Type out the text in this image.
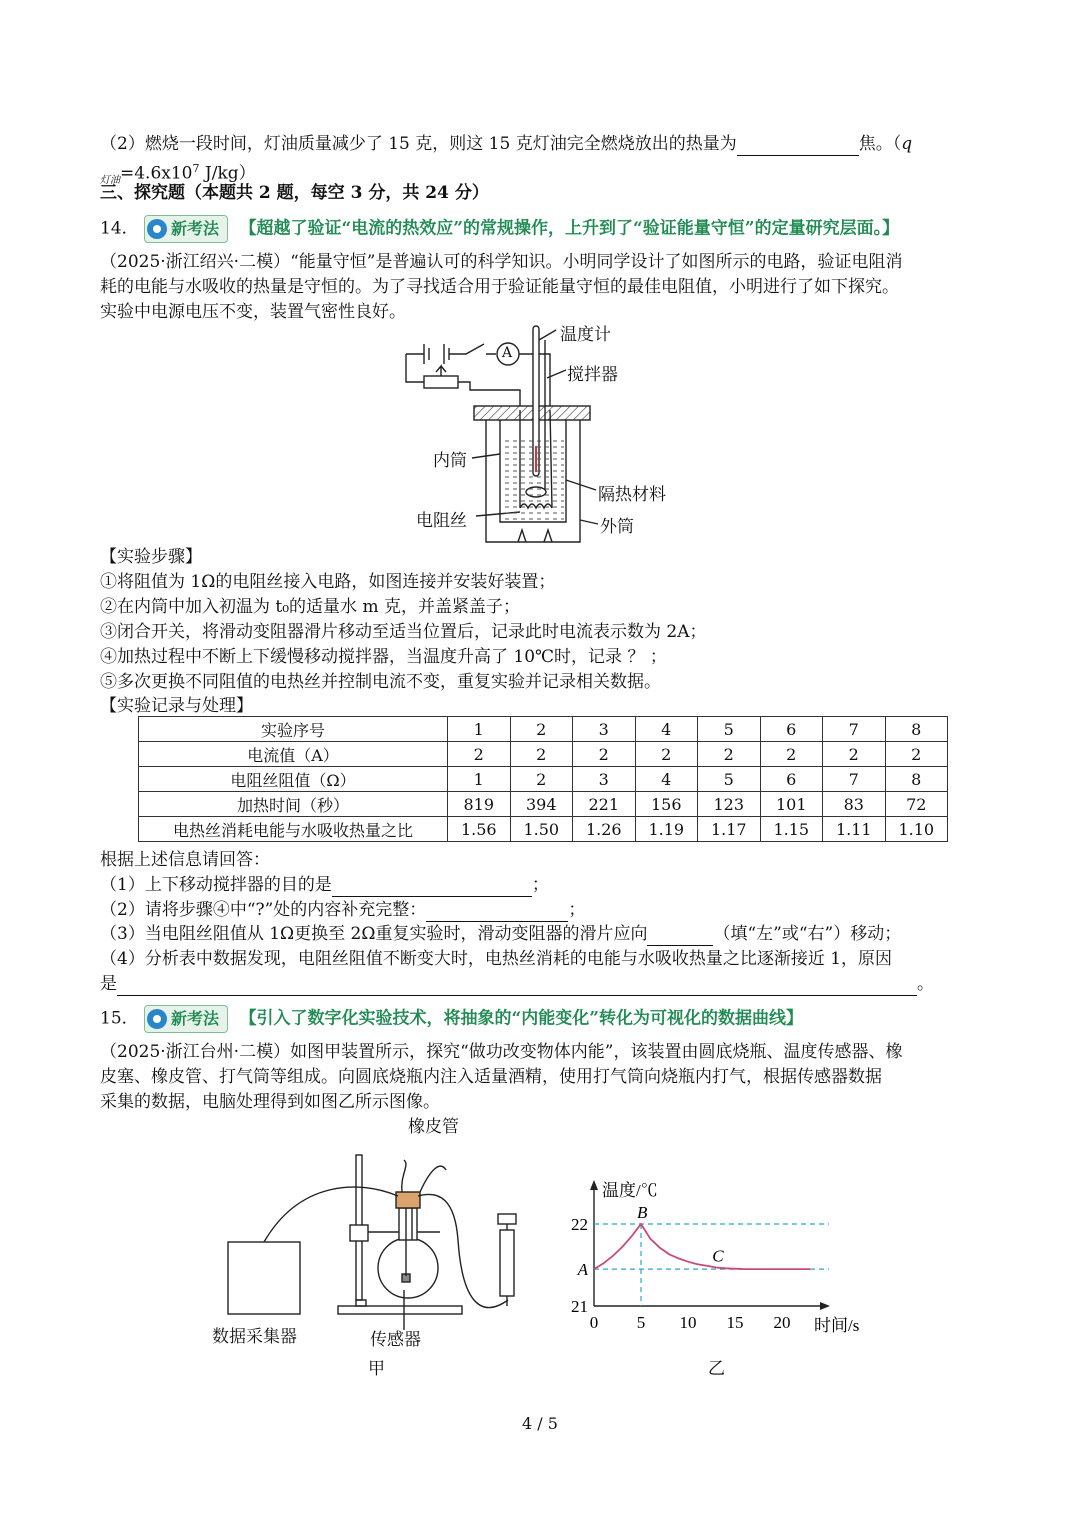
（2）燃烧一段时间，灯油质量减少了 15 克，则这 15 克灯油完全燃烧放出的热量为	焦。（q
$_{灯油}=4.6x10^7$ J/kg）
三、探究题（本题共 2 题，每空 3 分，共 24 分）
14． 新考法 【超越了验证“电流的热效应”的常规操作，上升到了“验证能量守恒”的定量研究层面。】
（2025·浙江绍兴·二模）“能量守恒”是普遍认可的科学知识。小明同学设计了如图所示的电路，验证电阻消
耗的电能与水吸收的热量是守恒的。为了寻找适合用于验证能量守恒的最佳电阻值，小明进行了如下探究。
实验中电源电压不变，装置气密性良好。
A
温度计
搅拌器
内筒
隔热材料
电阻丝	外筒
【实验步骤】
①将阻值为 1Ω的电阻丝接入电路，如图连接并安装好装置；
②在内筒中加入初温为 t₀的适量水 m 克，并盖紧盖子；
③闭合开关，将滑动变阻器滑片移动至适当位置后，记录此时电流表示数为 2A；
④加热过程中不断上下缓慢移动搅拌器，当温度升高了 10℃时，记录 ？ ；
⑤多次更换不同阻值的电热丝并控制电流不变，重复实验并记录相关数据。
【实验记录与处理】
实验序号	1	2	3	4	5	6	7	8
电流值（A）	2	2	2	2	2	2	2	2
电阻丝阻值（Ω）	1	2	3	4	5	6	7	8
加热时间（秒）	819	394	221	156	123	101	83	72
电热丝消耗电能与水吸收热量之比	1.56	1.50	1.26	1.19	1.17	1.15	1.11	1.10
根据上述信息请回答：
（1）上下移动搅拌器的目的是	；
（2）请将步骤④中“?”处的内容补充完整：	；
（3）当电阻丝阻值从 1Ω更换至 2Ω重复实验时，滑动变阻器的滑片应向	（填“左”或“右”）移动；
（4）分析表中数据发现，电阻丝阻值不断变大时，电热丝消耗的电能与水吸收热量之比逐渐接近 1，原因
是	。
15． 新考法 【引入了数字化实验技术，将抽象的“内能变化”转化为可视化的数据曲线】
（2025·浙江台州·二模）如图甲装置所示，探究“做功改变物体内能”，该装置由圆底烧瓶、温度传感器、橡
皮塞、橡皮管、打气筒等组成。向圆底烧瓶内注入适量酒精，使用打气筒向烧瓶内打气，根据传感器数据
采集的数据，电脑处理得到如图乙所示图像。
橡皮管
数据采集器	传感器
甲
0 5 10 15 20
21
A
22
温度/℃
时间/s
B
C
乙
4 / 5
